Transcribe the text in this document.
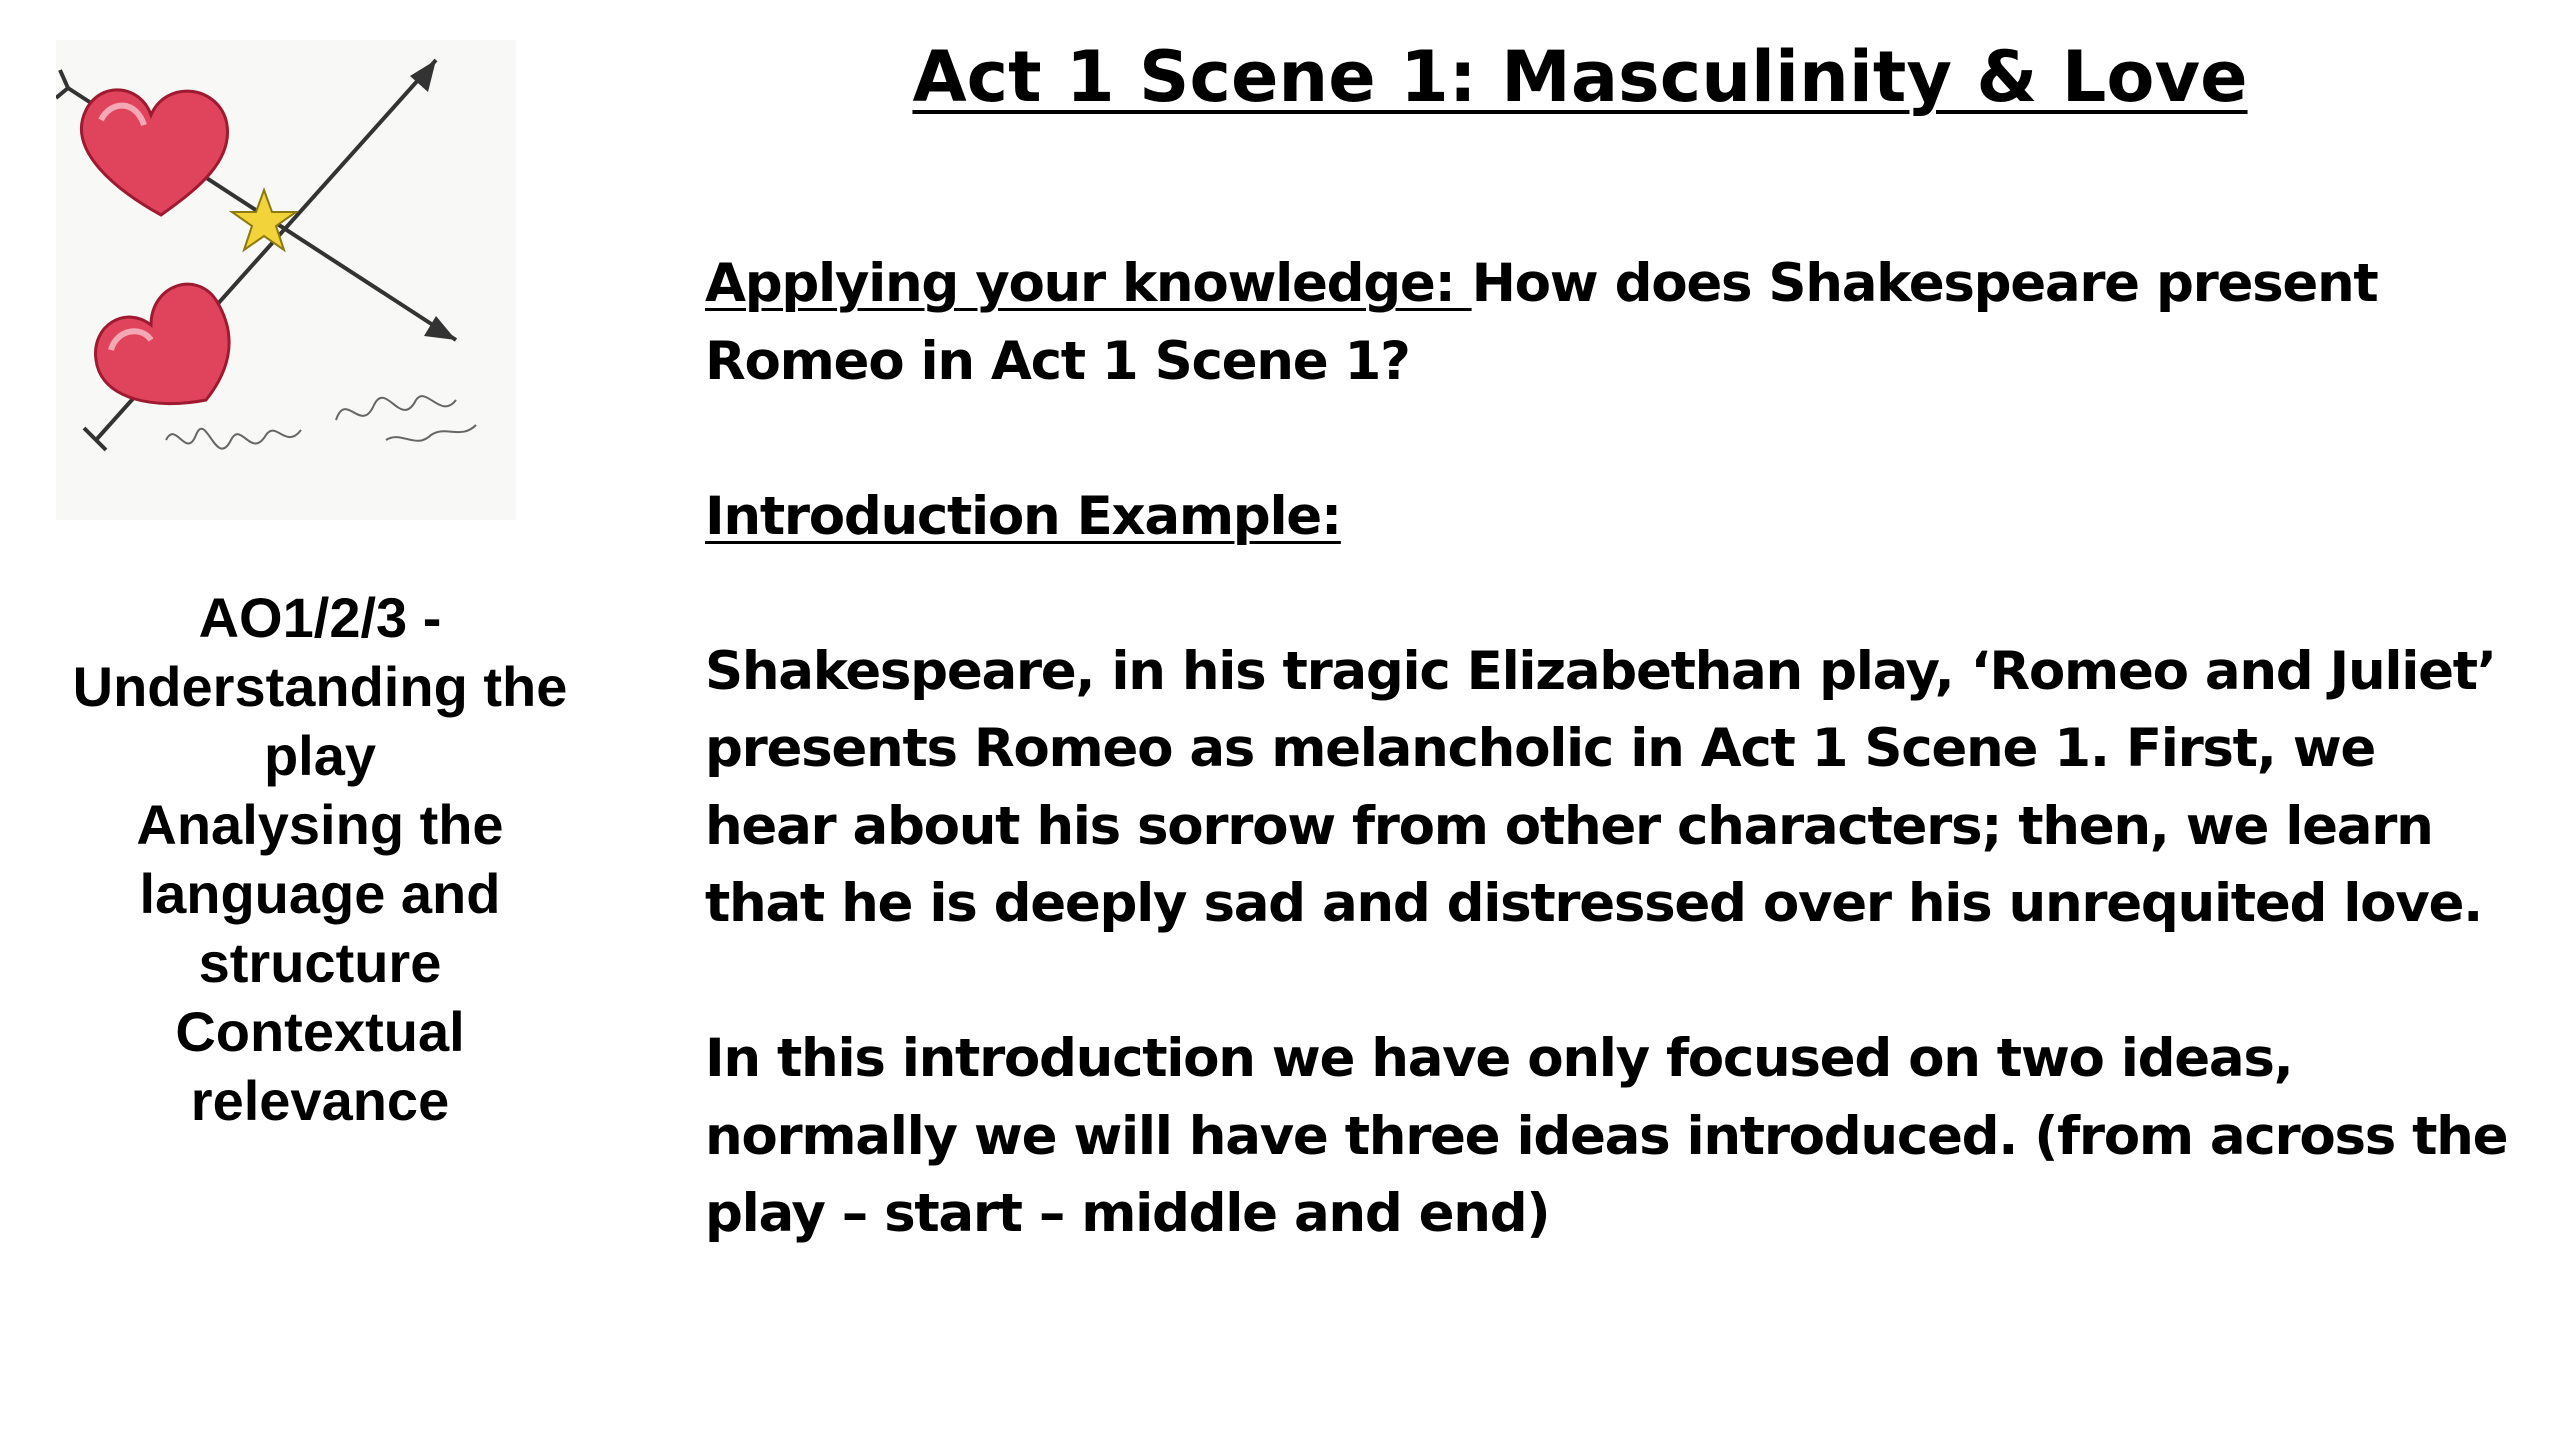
AO1/2/3 -
Understanding the
play
Analysing the
language and
structure
Contextual
relevance
Act 1 Scene 1: Masculinity & Love

Applying your knowledge: How does Shakespeare present Romeo in Act 1 Scene 1?

Introduction Example:

Shakespeare, in his tragic Elizabethan play, ‘Romeo and Juliet’ presents Romeo as melancholic in Act 1 Scene 1. First, we hear about his sorrow from other characters; then, we learn that he is deeply sad and distressed over his unrequited love.

In this introduction we have only focused on two ideas, normally we will have three ideas introduced. (from across the play – start – middle and end)
